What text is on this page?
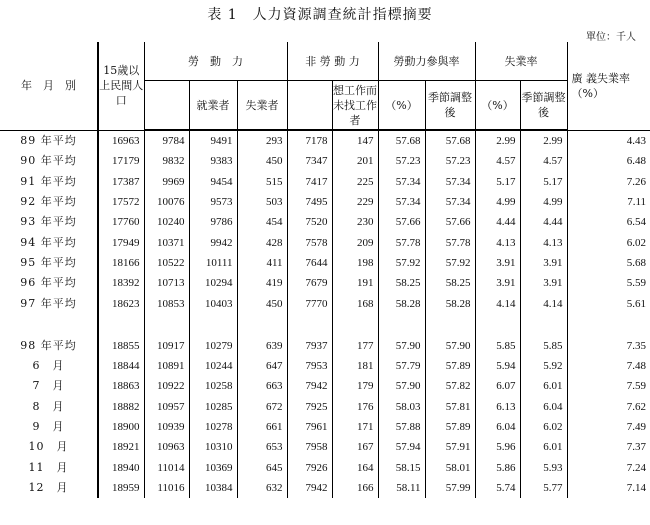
表 1　人力資源調查統計指標摘要
單位：千人
年　月　別	15歲以上民間人口	勞　動　力			非 勞 動 力		勞動力參與率		失業率		廣 義失業率（%）
			就業者	失業者		想工作而未找工作者	（%）	季節調整後	（%）	季節調整後	
89 年平均	16963	9784	9491	293	7178	147	57.68	57.68	2.99	2.99	4.43
90 年平均	17179	9832	9383	450	7347	201	57.23	57.23	4.57	4.57	6.48
91 年平均	17387	9969	9454	515	7417	225	57.34	57.34	5.17	5.17	7.26
92 年平均	17572	10076	9573	503	7495	229	57.34	57.34	4.99	4.99	7.11
93 年平均	17760	10240	9786	454	7520	230	57.66	57.66	4.44	4.44	6.54
94 年平均	17949	10371	9942	428	7578	209	57.78	57.78	4.13	4.13	6.02
95 年平均	18166	10522	10111	411	7644	198	57.92	57.92	3.91	3.91	5.68
96 年平均	18392	10713	10294	419	7679	191	58.25	58.25	3.91	3.91	5.59
97 年平均	18623	10853	10403	450	7770	168	58.28	58.28	4.14	4.14	5.61

98 年平均	18855	10917	10279	639	7937	177	57.90	57.90	5.85	5.85	7.35
6　月	18844	10891	10244	647	7953	181	57.79	57.89	5.94	5.92	7.48
7　月	18863	10922	10258	663	7942	179	57.90	57.82	6.07	6.01	7.59
8　月	18882	10957	10285	672	7925	176	58.03	57.81	6.13	6.04	7.62
9　月	18900	10939	10278	661	7961	171	57.88	57.89	6.04	6.02	7.49
10　月	18921	10963	10310	653	7958	167	57.94	57.91	5.96	6.01	7.37
11　月	18940	11014	10369	645	7926	164	58.15	58.01	5.86	5.93	7.24
12　月	18959	11016	10384	632	7942	166	58.11	57.99	5.74	5.77	7.14
